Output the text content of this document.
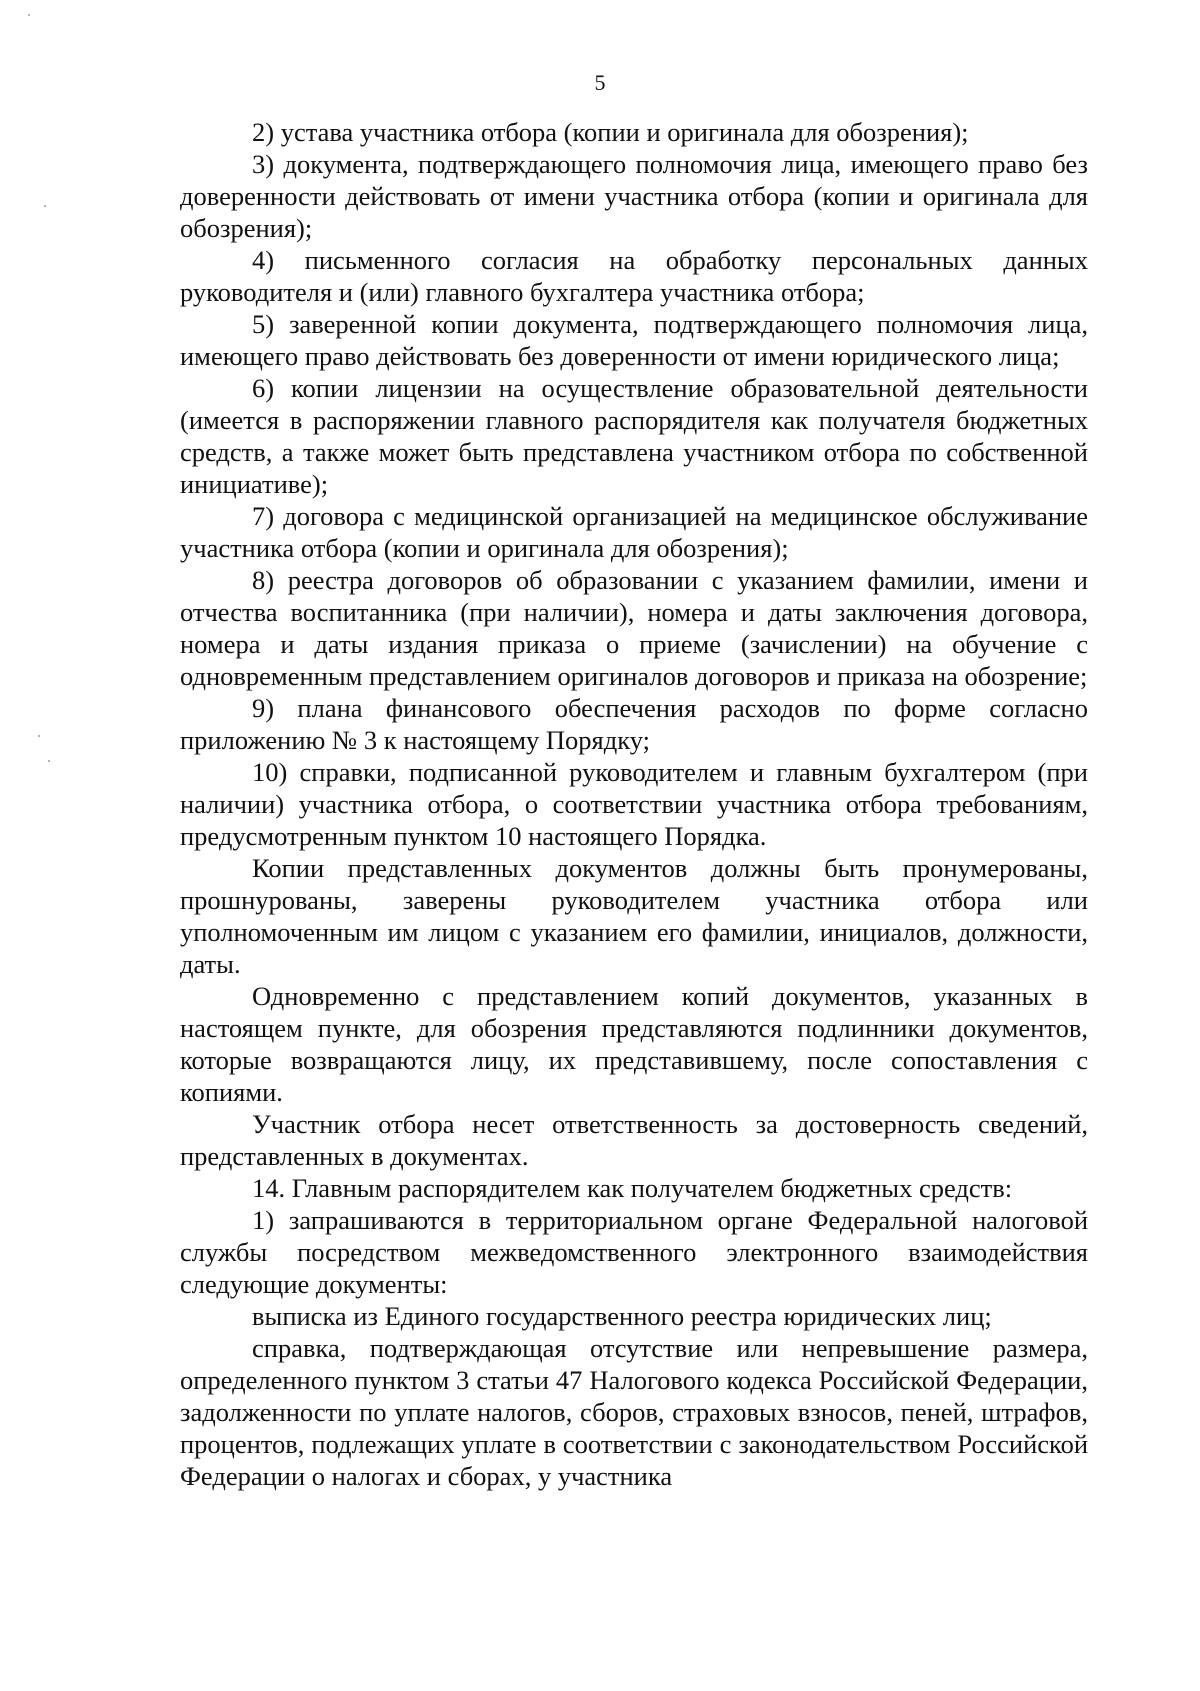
5

2) устава участника отбора (копии и оригинала для обозрения);

3) документа, подтверждающего полномочия лица, имеющего право без доверенности действовать от имени участника отбора (копии и оригинала для обозрения);

4) письменного согласия на обработку персональных данных руководителя и (или) главного бухгалтера участника отбора;

5) заверенной копии документа, подтверждающего полномочия лица, имеющего право действовать без доверенности от имени юридического лица;

6) копии лицензии на осуществление образовательной деятельности (имеется в распоряжении главного распорядителя как получателя бюджетных средств, а также может быть представлена участником отбора по собственной инициативе);

7) договора с медицинской организацией на медицинское обслуживание участника отбора (копии и оригинала для обозрения);

8) реестра договоров об образовании с указанием фамилии, имени и отчества воспитанника (при наличии), номера и даты заключения договора, номера и даты издания приказа о приеме (зачислении) на обучение с одновременным представлением оригиналов договоров и приказа на обозрение;

9) плана финансового обеспечения расходов по форме согласно приложению № 3 к настоящему Порядку;

10) справки, подписанной руководителем и главным бухгалтером (при наличии) участника отбора, о соответствии участника отбора требованиям, предусмотренным пунктом 10 настоящего Порядка.

Копии представленных документов должны быть пронумерованы, прошнурованы, заверены руководителем участника отбора или уполномоченным им лицом с указанием его фамилии, инициалов, должности, даты.

Одновременно с представлением копий документов, указанных в настоящем пункте, для обозрения представляются подлинники документов, которые возвращаются лицу, их представившему, после сопоставления с копиями.

Участник отбора несет ответственность за достоверность сведений, представленных в документах.

14. Главным распорядителем как получателем бюджетных средств:

1) запрашиваются в территориальном органе Федеральной налоговой службы посредством межведомственного электронного взаимодействия следующие документы:

выписка из Единого государственного реестра юридических лиц;

справка, подтверждающая отсутствие или непревышение размера, определенного пунктом 3 статьи 47 Налогового кодекса Российской Федерации, задолженности по уплате налогов, сборов, страховых взносов, пеней, штрафов, процентов, подлежащих уплате в соответствии с законодательством Российской Федерации о налогах и сборах, у участника
